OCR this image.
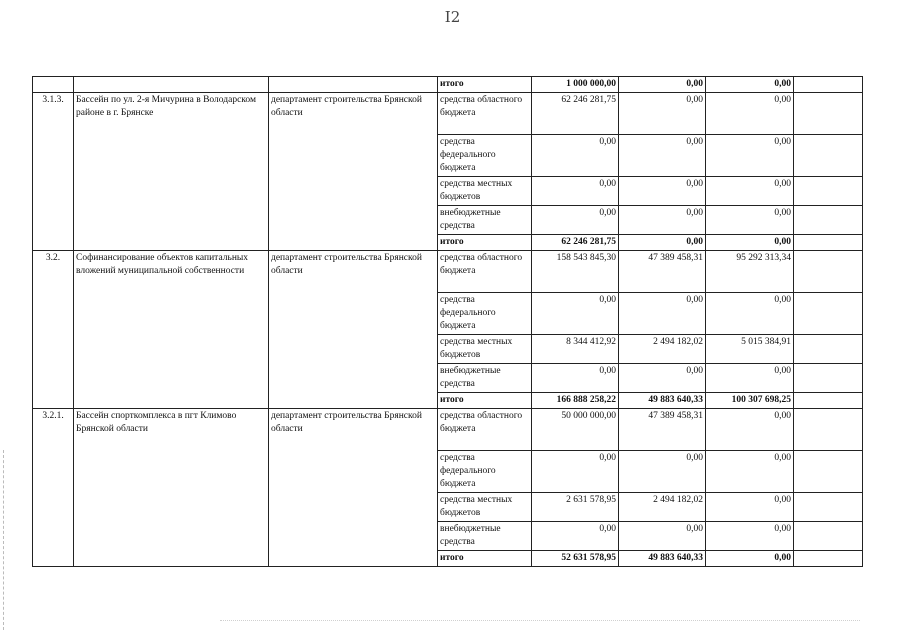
I2
			итого	1 000 000,00	0,00	0,00	
3.1.3.	Бассейн по ул. 2-я Мичурина в Володарском районе в г. Брянске	департамент строительства Брянской области	средства областного бюджета	62 246 281,75	0,00	0,00	
			средства федерального бюджета	0,00	0,00	0,00	
			средства местных бюджетов	0,00	0,00	0,00	
			внебюджетные средства	0,00	0,00	0,00	
			итого	62 246 281,75	0,00	0,00	
3.2.	Софинансирование объектов капитальных вложений муниципальной собственности	департамент строительства Брянской области	средства областного бюджета	158 543 845,30	47 389 458,31	95 292 313,34	
			средства федерального бюджета	0,00	0,00	0,00	
			средства местных бюджетов	8 344 412,92	2 494 182,02	5 015 384,91	
			внебюджетные средства	0,00	0,00	0,00	
			итого	166 888 258,22	49 883 640,33	100 307 698,25	
3.2.1.	Бассейн спорткомплекса в пгт Климово Брянской области	департамент строительства Брянской области	средства областного бюджета	50 000 000,00	47 389 458,31	0,00	
			средства федерального бюджета	0,00	0,00	0,00	
			средства местных бюджетов	2 631 578,95	2 494 182,02	0,00	
			внебюджетные средства	0,00	0,00	0,00	
			итого	52 631 578,95	49 883 640,33	0,00	
